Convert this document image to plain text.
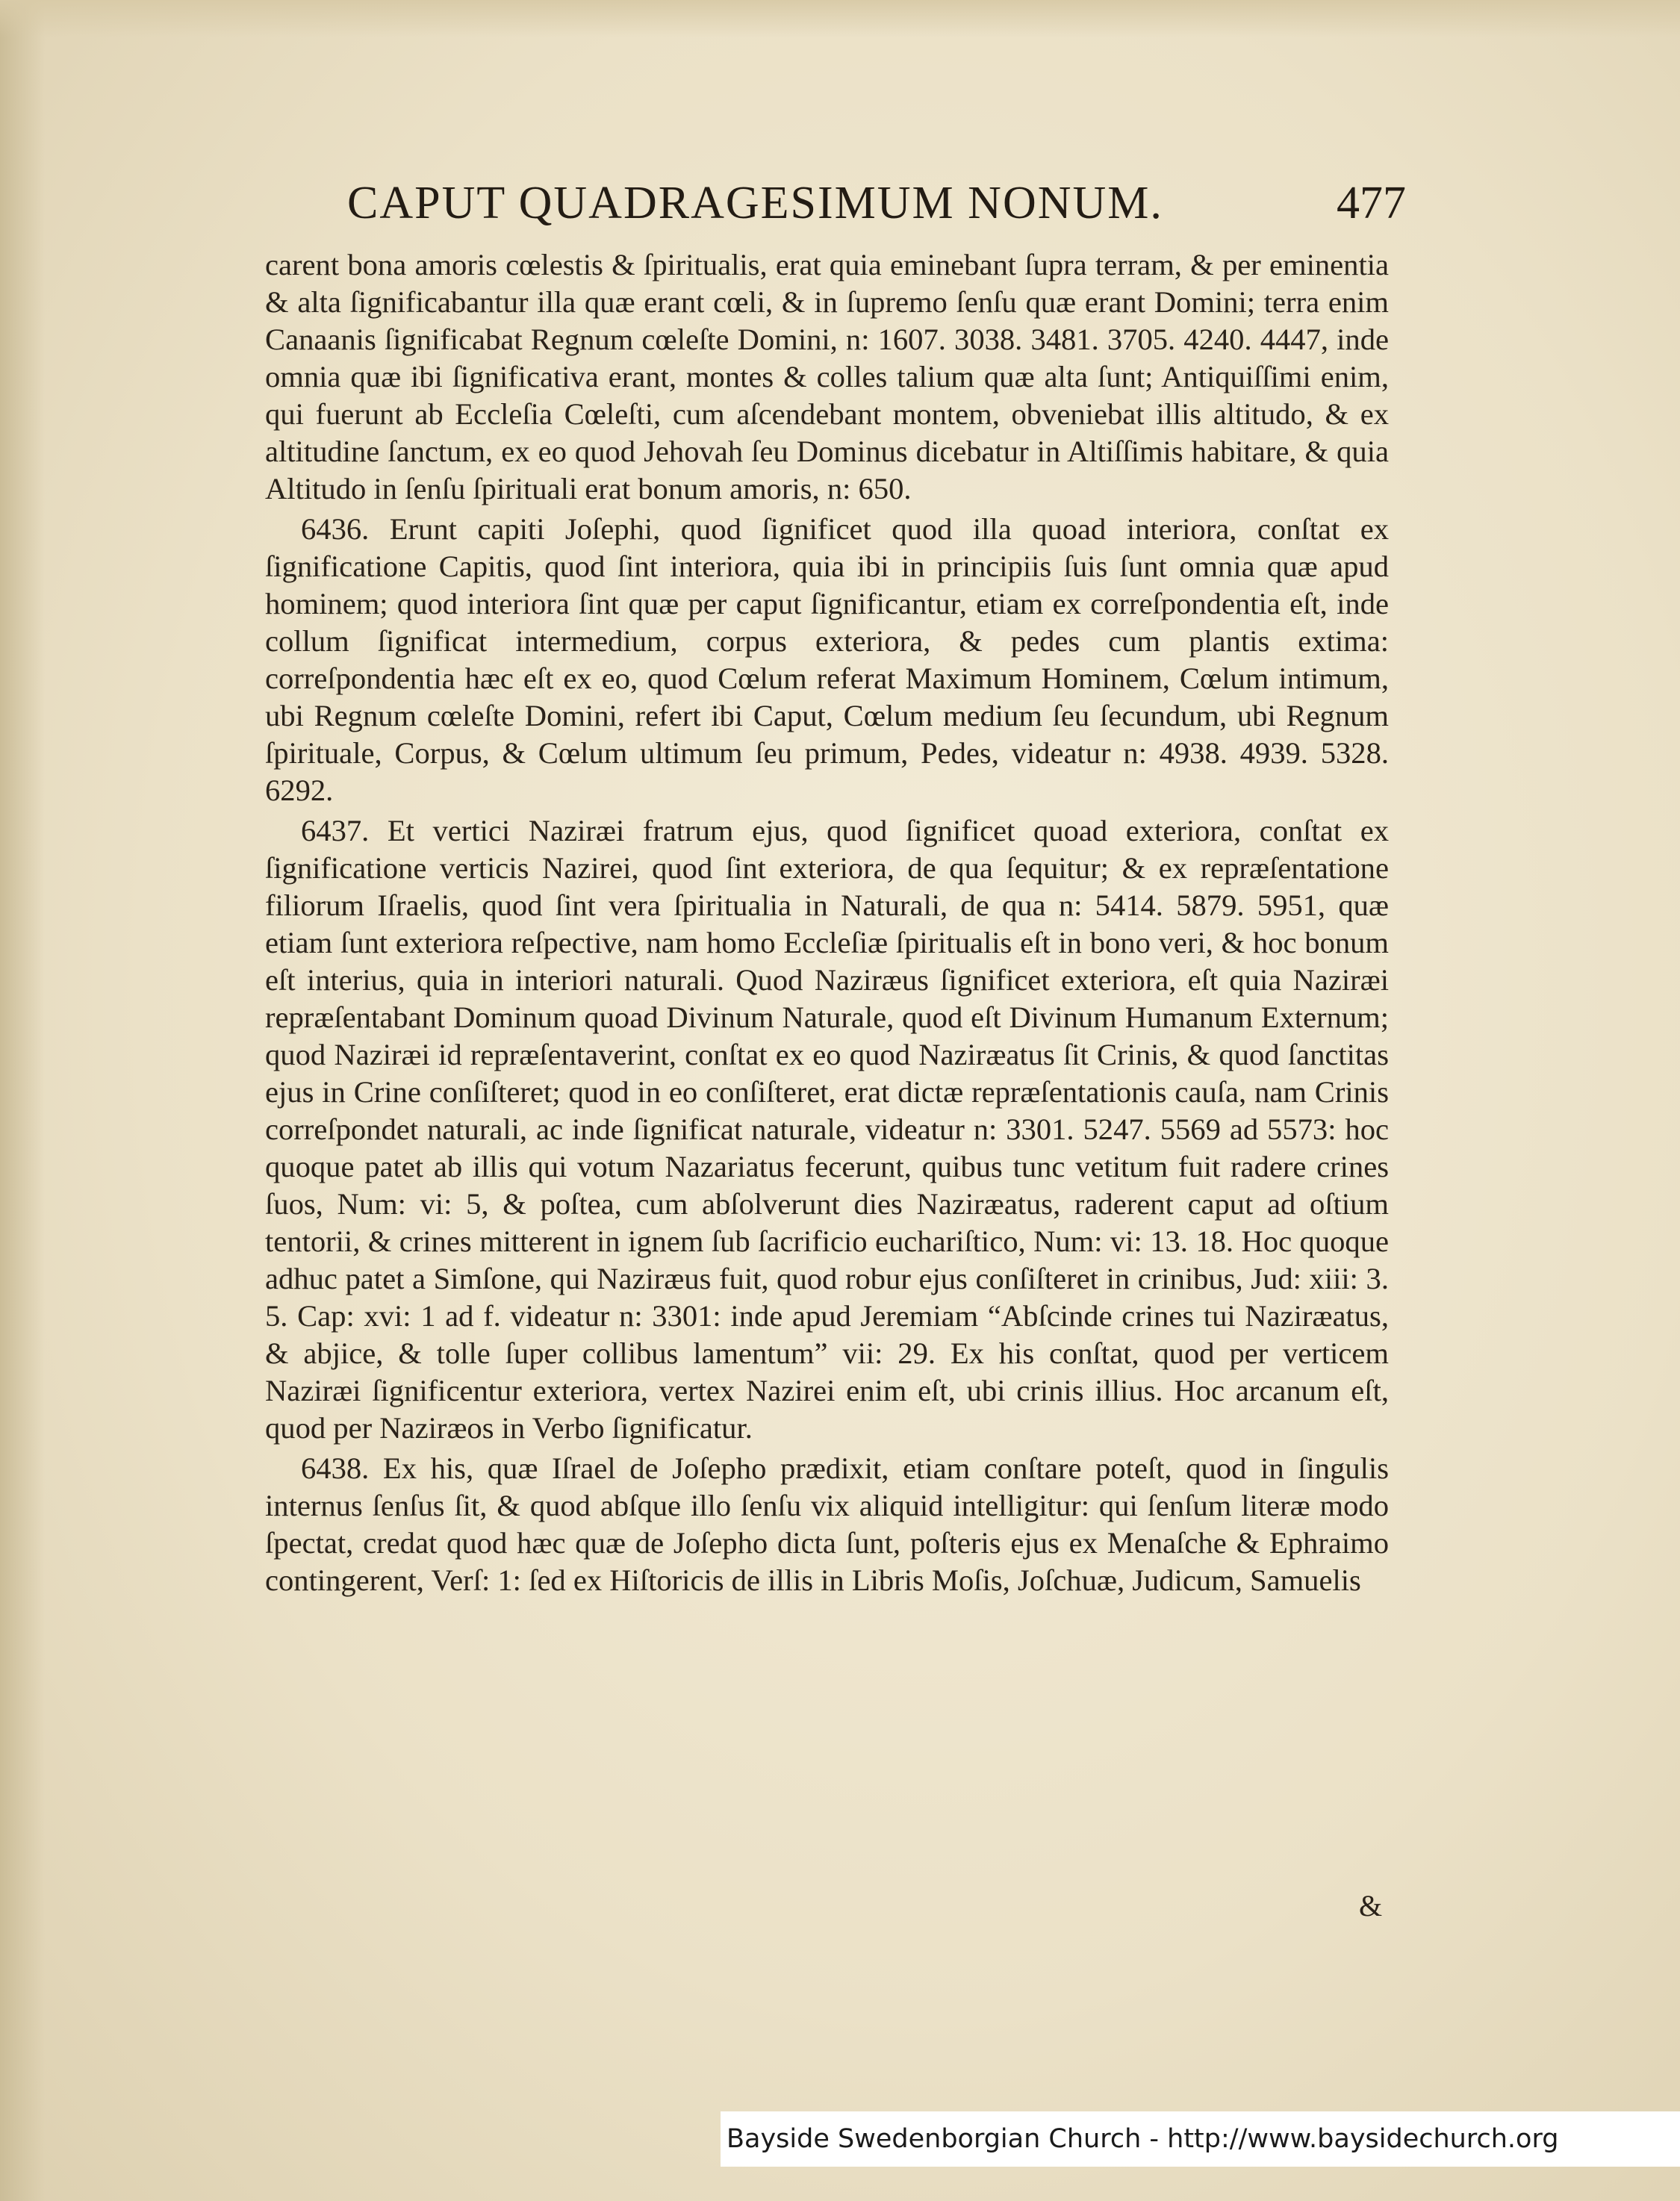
CAPUT QUADRAGESIMUM NONUM.	477

carent bona amoris cœlestis & ſpiritualis, erat quia eminebant ſupra terram, & per eminentia & alta ſignificabantur illa quæ erant cœli, & in ſupremo ſenſu quæ erant Domini; terra enim Canaanis ſignificabat Regnum cœleſte Domini, n: 1607. 3038. 3481. 3705. 4240. 4447, inde omnia quæ ibi ſignificativa erant, montes & colles talium quæ alta ſunt; Antiquiſſimi enim, qui fuerunt ab Eccleſia Cœleſti, cum aſcendebant montem, obveniebat illis altitudo, & ex altitudine ſanctum, ex eo quod Jehovah ſeu Dominus dicebatur in Altiſſimis habitare, & quia Altitudo in ſenſu ſpirituali erat bonum amoris, n: 650.

6436. Erunt capiti Joſephi, quod ſignificet quod illa quoad interiora, conſtat ex ſignificatione Capitis, quod ſint interiora, quia ibi in principiis ſuis ſunt omnia quæ apud hominem; quod interiora ſint quæ per caput ſignificantur, etiam ex correſpondentia eſt, inde collum ſignificat intermedium, corpus exteriora, & pedes cum plantis extima: correſpondentia hæc eſt ex eo, quod Cœlum referat Maximum Hominem, Cœlum intimum, ubi Regnum cœleſte Domini, refert ibi Caput, Cœlum medium ſeu ſecundum, ubi Regnum ſpirituale, Corpus, & Cœlum ultimum ſeu primum, Pedes, videatur n: 4938. 4939. 5328. 6292.

6437. Et vertici Naziræi fratrum ejus, quod ſignificet quoad exteriora, conſtat ex ſignificatione verticis Nazirei, quod ſint exteriora, de qua ſequitur; & ex repræſentatione filiorum Iſraelis, quod ſint vera ſpiritualia in Naturali, de qua n: 5414. 5879. 5951, quæ etiam ſunt exteriora reſpective, nam homo Eccleſiæ ſpiritualis eſt in bono veri, & hoc bonum eſt interius, quia in interiori naturali. Quod Naziræus ſignificet exteriora, eſt quia Naziræi repræſentabant Dominum quoad Divinum Naturale, quod eſt Divinum Humanum Externum; quod Naziræi id repræſentaverint, conſtat ex eo quod Naziræatus ſit Crinis, & quod ſanctitas ejus in Crine conſiſteret; quod in eo conſiſteret, erat dictæ repræſentationis cauſa, nam Crinis correſpondet naturali, ac inde ſignificat naturale, videatur n: 3301. 5247. 5569 ad 5573: hoc quoque patet ab illis qui votum Nazariatus fecerunt, quibus tunc vetitum fuit radere crines ſuos, Num: vi: 5, & poſtea, cum abſolverunt dies Naziræatus, raderent caput ad oſtium tentorii, & crines mitterent in ignem ſub ſacrificio euchariſtico, Num: vi: 13. 18. Hoc quoque adhuc patet a Simſone, qui Naziræus fuit, quod robur ejus conſiſteret in crinibus, Jud: xiii: 3. 5. Cap: xvi: 1 ad f. videatur n: 3301: inde apud Jeremiam “Abſcinde crines tui Naziræatus, & abjice, & tolle ſuper collibus lamentum” vii: 29. Ex his conſtat, quod per verticem Naziræi ſignificentur exteriora, vertex Nazirei enim eſt, ubi crinis illius. Hoc arcanum eſt, quod per Naziræos in Verbo ſignificatur.

6438. Ex his, quæ Iſrael de Joſepho prædixit, etiam conſtare poteſt, quod in ſingulis internus ſenſus ſit, & quod abſque illo ſenſu vix aliquid intelligitur: qui ſenſum literæ modo ſpectat, credat quod hæc quæ de Joſepho dicta ſunt, poſteris ejus ex Menaſche & Ephraimo contingerent, Verſ: 1: ſed ex Hiſtoricis de illis in Libris Moſis, Joſchuæ, Judicum, Samuelis

&
Bayside Swedenborgian Church - http://www.baysidechurch.org
